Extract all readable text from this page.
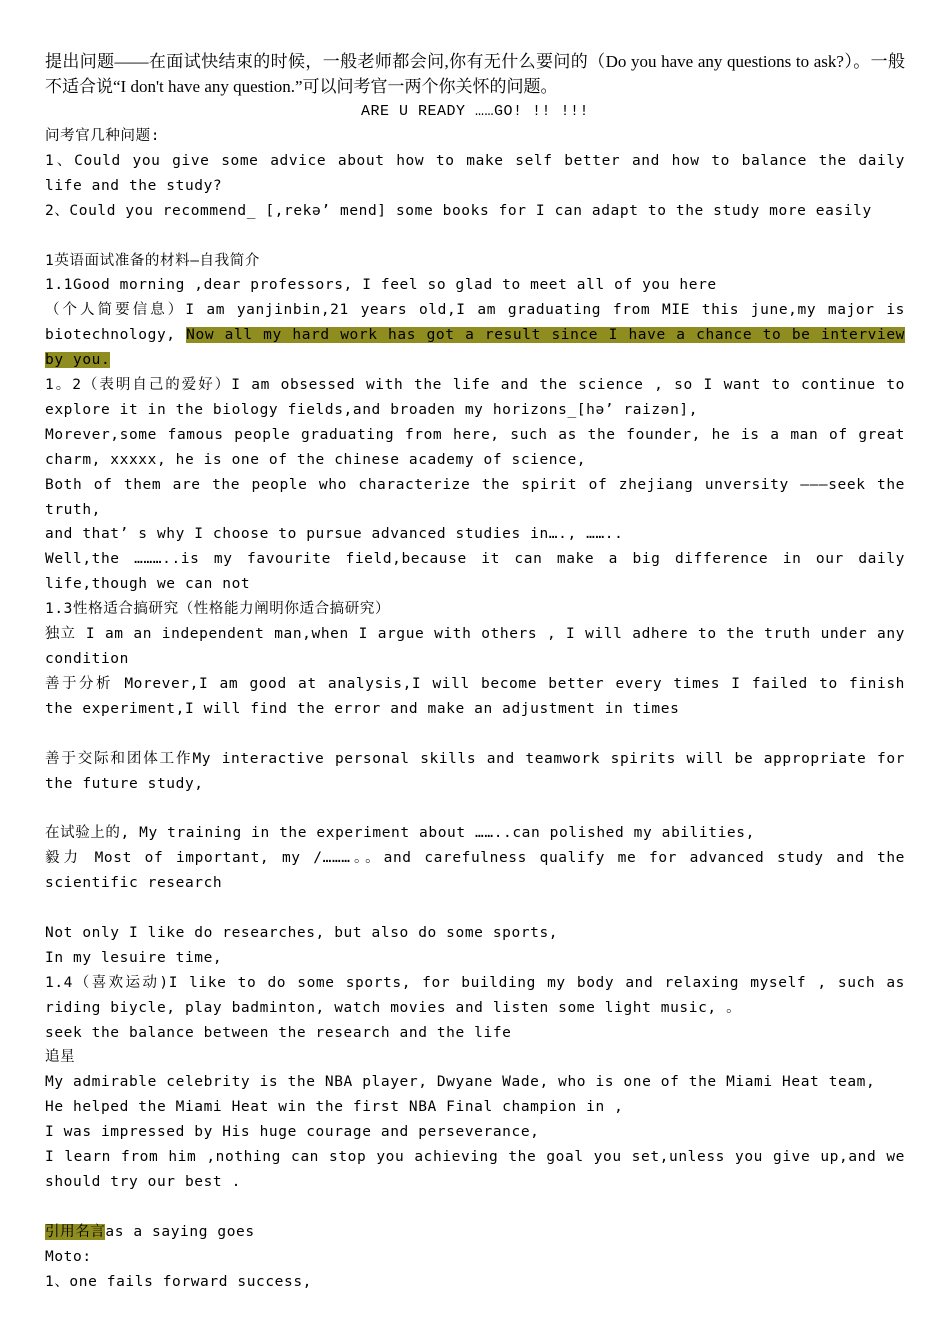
提出问题——在面试快结束的时候，一般老师都会问,你有无什么要问的（Do you have any questions to ask?）。一般不适合说“I don't have any question.”可以问考官一两个你关怀的问题。

ARE U READY ……GO! !! !!!

问考官几种问题:

1、Could you give some advice about how to make self better and how to balance the daily life and the study?

2、Could you recommend_ [,rekə’ mend] some books for I can adapt to the study more easily

1英语面试准备的材料—自我简介

1.1Good morning ,dear professors, I feel so glad to meet all of you here

（个人简要信息）I am yanjinbin,21 years old,I am graduating from MIE this june,my major is biotechnology, Now all my hard work has got a result since I have a chance to be interview by you.

1。2（表明自己的爱好）I am obsessed with the life and the science , so I want to continue to explore it in the biology fields,and broaden my horizons_[hə’ raizən],

Morever,some famous people graduating from here, such as the founder, he is a man of great charm, xxxxx, he is one of the chinese academy of science,

Both of them are the people who characterize the spirit of zhejiang unversity ———seek the truth,

and that’ s why I choose to pursue advanced studies in…., ……..

Well,the ………..is my favourite field,because it can make a big difference in our daily life,though we can not

1.3性格适合搞研究（性格能力阐明你适合搞研究）

独立 I am an independent man,when I argue with others , I will adhere to the truth under any condition

善于分析 Morever,I am good at analysis,I will become better every times I failed to finish the experiment,I will find the error and make an adjustment in times

善于交际和团体工作My interactive personal skills and teamwork spirits will be appropriate for the future study,

在试验上的, My training in the experiment about ……..can polished my abilities,

毅力 Most of important, my /………。。and carefulness qualify me for advanced study and the scientific research

Not only I like do researches, but also do some sports,

In my lesuire time,

1.4（喜欢运动)I like to do some sports, for building my body and relaxing myself , such as riding biycle, play badminton, watch movies and listen some light music, 。

seek the balance between the research and the life

追星

My admirable celebrity is the NBA player, Dwyane Wade, who is one of the Miami Heat team,

He helped the Miami Heat win the first NBA Final champion in ,

I was impressed by His huge courage and perseverance,

I learn from him ,nothing can stop you achieving the goal you set,unless you give up,and we should try our best .

引用名言as a saying goes

Moto:

1、one fails forward success,
